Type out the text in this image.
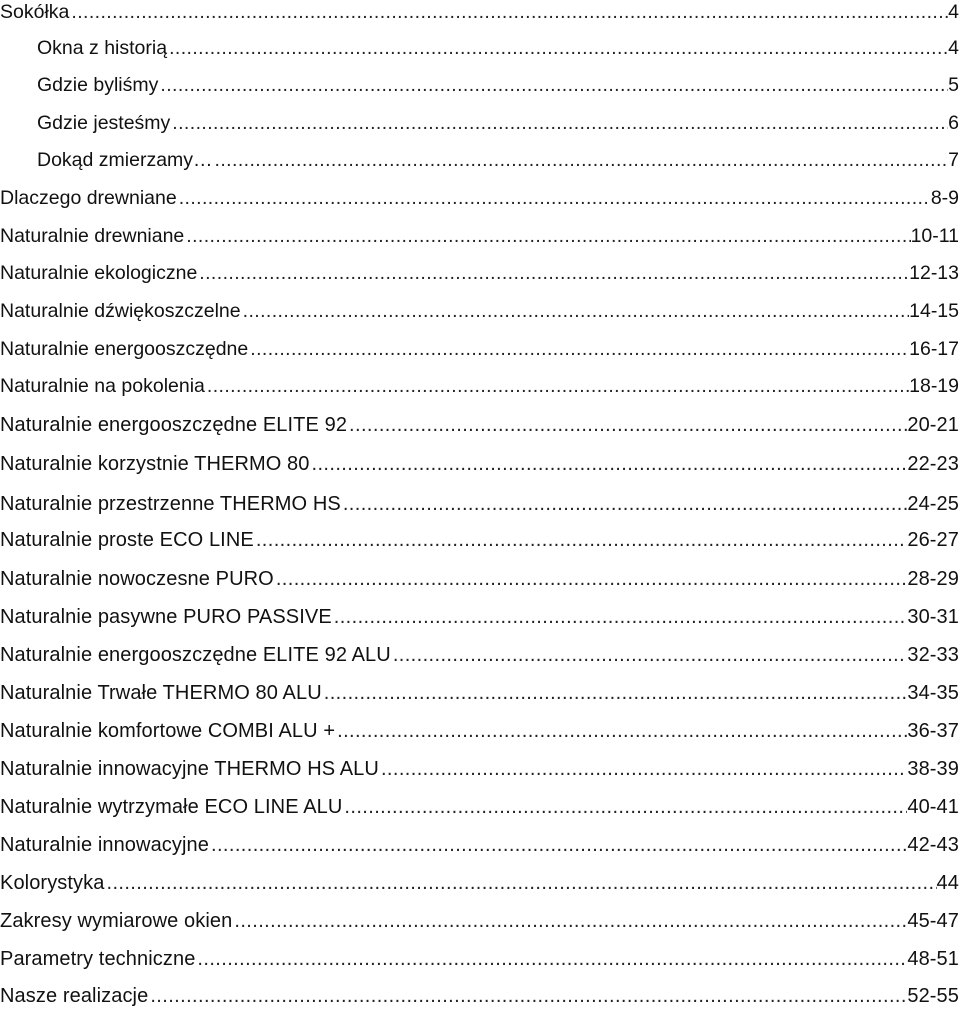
Sokółka .....	4
Okna z historią .....	4
Gdzie byliśmy .....	5
Gdzie jesteśmy .....	6
Dokąd zmierzamy… .....	7
Dlaczego drewniane .....	8-9
Naturalnie drewniane .....	10-11
Naturalnie ekologiczne .....	12-13
Naturalnie dźwiękoszczelne .....	14-15
Naturalnie energooszczędne .....	16-17
Naturalnie na pokolenia .....	18-19
Naturalnie energooszczędne ELITE 92 .....	20-21
Naturalnie korzystnie THERMO 80 .....	22-23
Naturalnie przestrzenne THERMO HS .....	24-25
Naturalnie proste ECO LINE .....	26-27
Naturalnie nowoczesne PURO .....	28-29
Naturalnie pasywne PURO PASSIVE .....	30-31
Naturalnie energooszczędne ELITE 92 ALU .....	32-33
Naturalnie Trwałe THERMO 80 ALU .....	34-35
Naturalnie komfortowe COMBI ALU + .....	36-37
Naturalnie innowacyjne THERMO HS ALU .....	38-39
Naturalnie wytrzymałe ECO LINE ALU .....	40-41
Naturalnie innowacyjne .....	42-43
Kolorystyka .....	44
Zakresy wymiarowe okien .....	45-47
Parametry techniczne .....	48-51
Nasze realizacje .....	52-55
